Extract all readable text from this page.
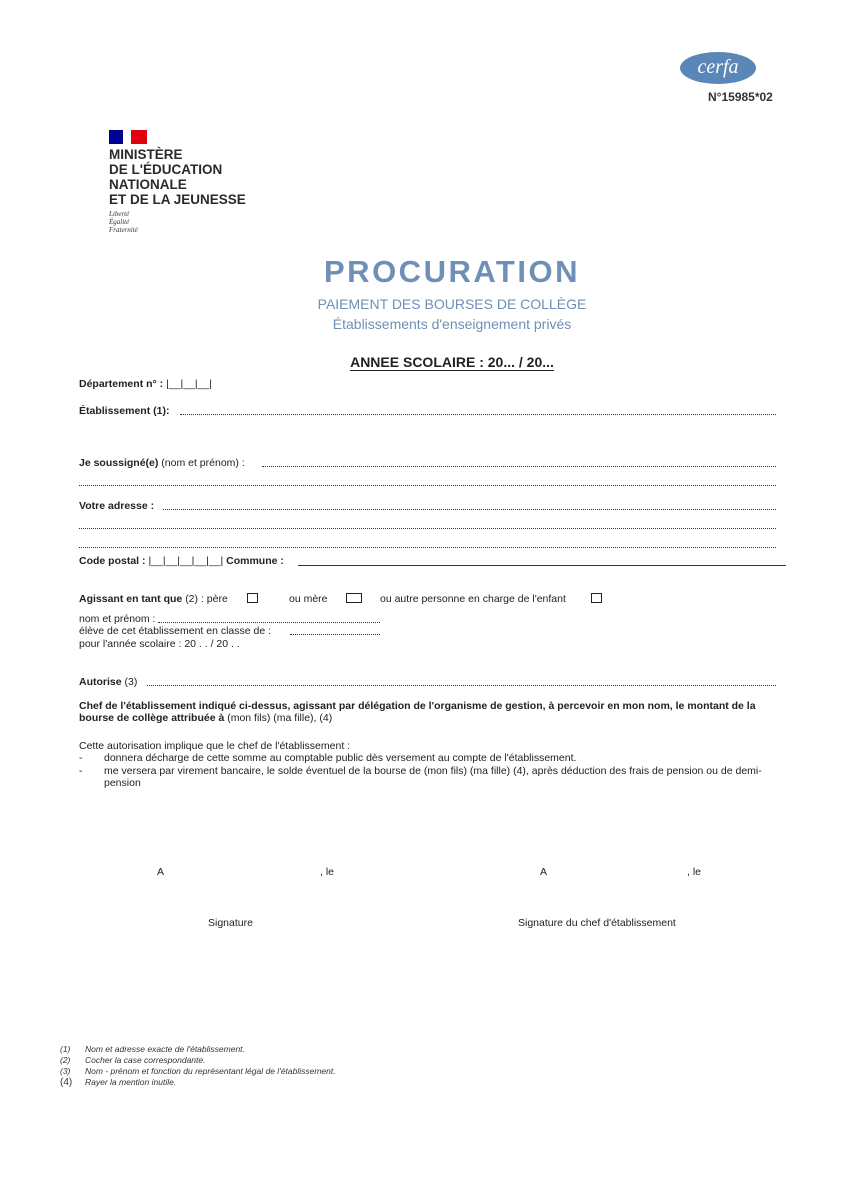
cerfa
N°15985*02
MINISTÈRE
DE L'ÉDUCATION
NATIONALE
ET DE LA JEUNESSE
Liberté
Égalité
Fraternité
PROCURATION
PAIEMENT DES BOURSES DE COLLÈGE
Établissements d'enseignement privés
ANNEE SCOLAIRE : 20... / 20...
Département n° : |__|__|__|
Établissement (1):
Je soussigné(e) (nom et prénom) :
Votre adresse :
Code postal : |__|__|__|__|__| Commune :
Agissant en tant que (2) : père	ou mère	ou autre personne en charge de l'enfant
nom et prénom :
élève de cet établissement en classe de :
pour l'année scolaire : 20 . . / 20 . .
Autorise (3)
Chef de l'établissement indiqué ci-dessus, agissant par délégation de l'organisme de gestion, à percevoir en mon nom, le montant de la bourse de collège attribuée à (mon fils) (ma fille), (4)
Cette autorisation implique que le chef de l'établissement :
- donnera décharge de cette somme au comptable public dès versement au compte de l'établissement.
- me versera par virement bancaire, le solde éventuel de la bourse de (mon fils) (ma fille) (4), après déduction des frais de pension ou de demi-pension
A	, le	A	, le
Signature	Signature du chef d'établissement
(1) Nom et adresse exacte de l'établissement.
(2) Cocher la case correspondante.
(3) Nom - prénom et fonction du représentant légal de l'établissement.
(4) Rayer la mention inutile.
